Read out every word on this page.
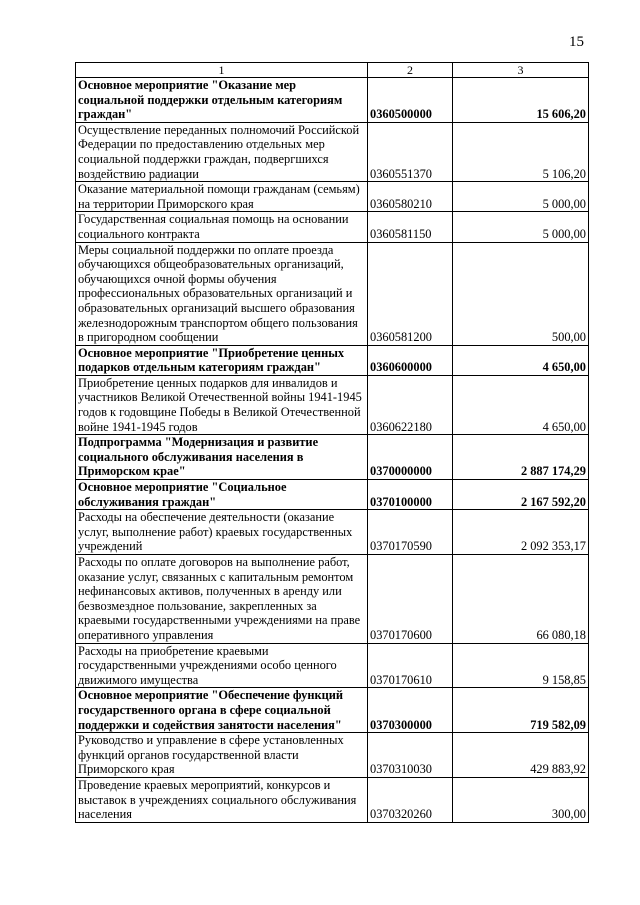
15
1	2	3
Основное мероприятие "Оказание мер социальной поддержки отдельным категориям граждан"	0360500000	15 606,20
Осуществление переданных полномочий Российской Федерации по предоставлению отдельных мер социальной поддержки граждан, подвергшихся воздействию радиации	0360551370	5 106,20
Оказание материальной помощи гражданам (семьям) на территории Приморского края	0360580210	5 000,00
Государственная социальная помощь на основании социального контракта	0360581150	5 000,00
Меры социальной поддержки по оплате проезда обучающихся общеобразовательных организаций, обучающихся очной формы обучения профессиональных образовательных организаций и образовательных организаций высшего образования железнодорожным транспортом общего пользования в пригородном сообщении	0360581200	500,00
Основное мероприятие "Приобретение ценных подарков отдельным категориям граждан"	0360600000	4 650,00
Приобретение ценных подарков для инвалидов и участников Великой Отечественной войны 1941-1945 годов к годовщине Победы в Великой Отечественной войне 1941-1945 годов	0360622180	4 650,00
Подпрограмма "Модернизация и развитие социального обслуживания населения в Приморском крае"	0370000000	2 887 174,29
Основное мероприятие "Социальное обслуживания граждан"	0370100000	2 167 592,20
Расходы на обеспечение деятельности (оказание услуг, выполнение работ) краевых государственных учреждений	0370170590	2 092 353,17
Расходы по оплате договоров на выполнение работ, оказание услуг, связанных с капитальным ремонтом нефинансовых активов, полученных в аренду или безвозмездное пользование, закрепленных за краевыми государственными учреждениями на праве оперативного управления	0370170600	66 080,18
Расходы на приобретение краевыми государственными учреждениями особо ценного движимого имущества	0370170610	9 158,85
Основное мероприятие "Обеспечение функций государственного органа в сфере социальной поддержки и содействия занятости населения"	0370300000	719 582,09
Руководство и управление в сфере установленных функций органов государственной власти Приморского края	0370310030	429 883,92
Проведение краевых мероприятий, конкурсов и выставок в учреждениях социального обслуживания населения	0370320260	300,00
